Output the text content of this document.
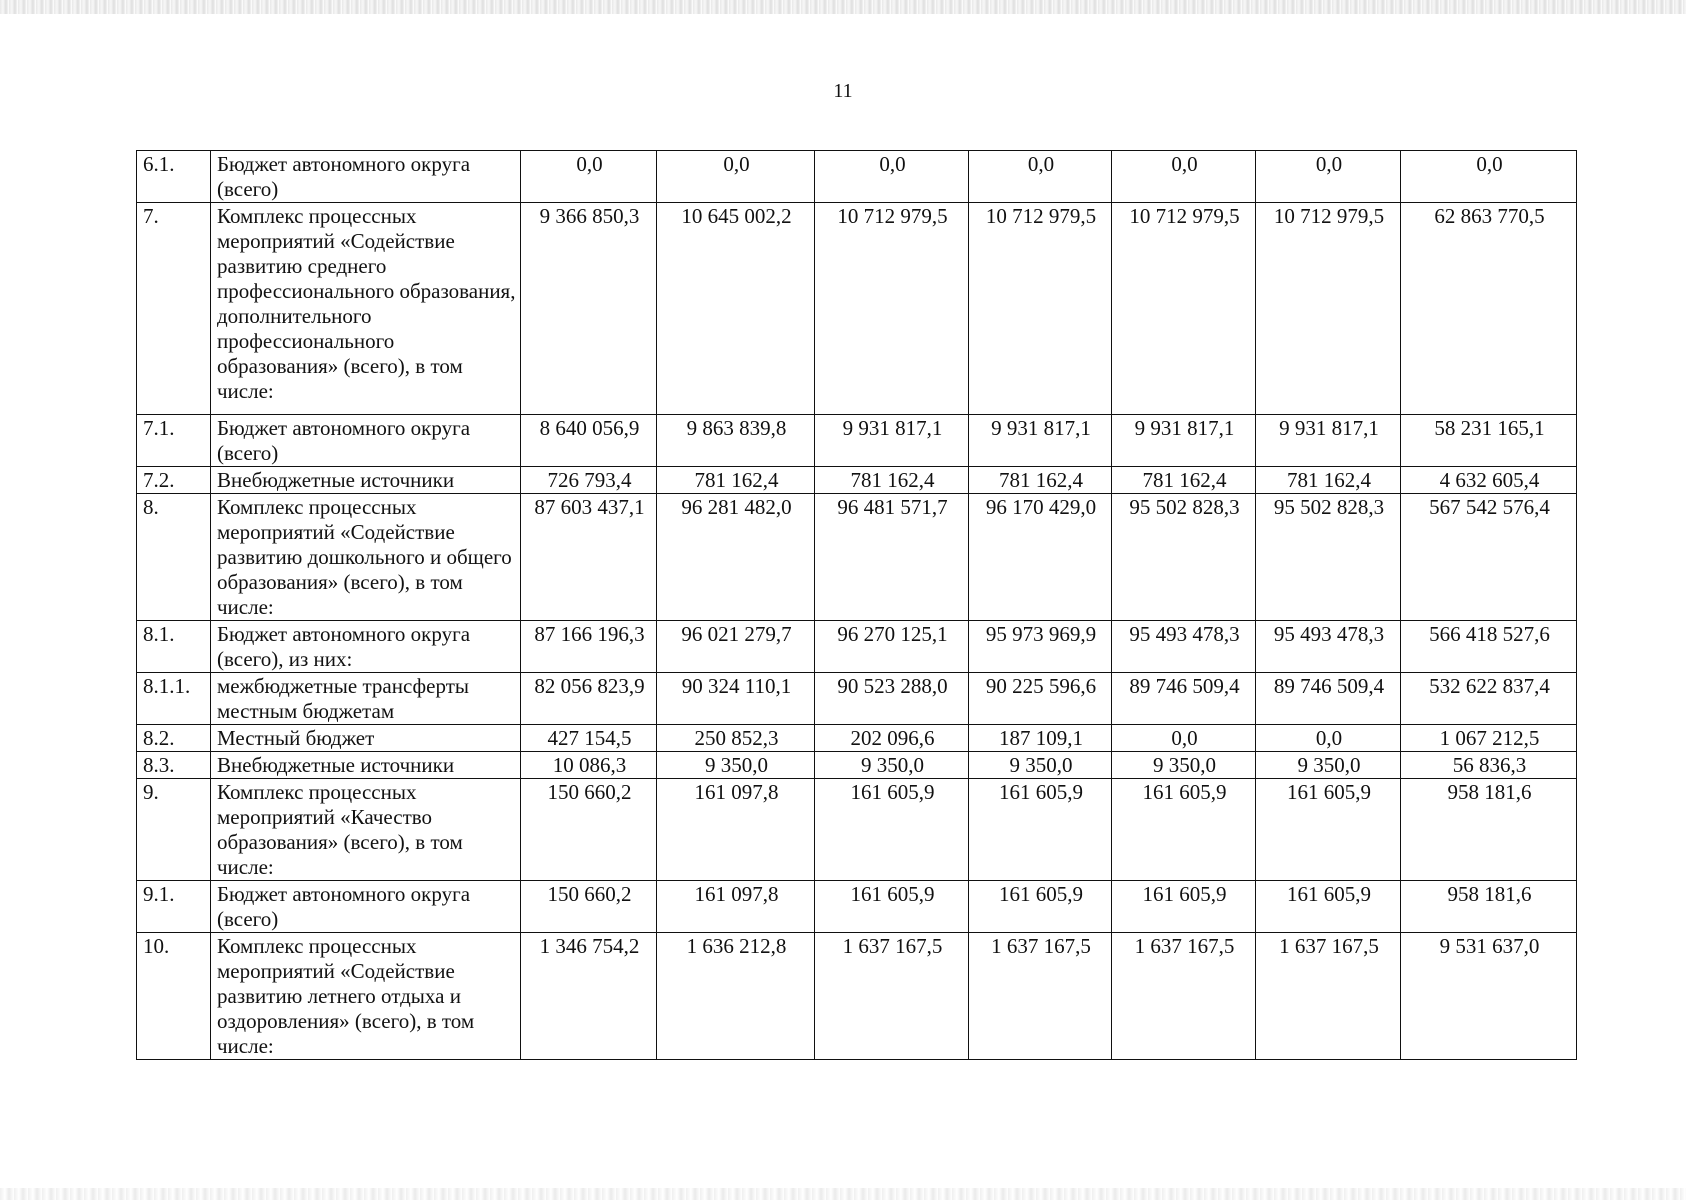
11
6.1.	Бюджет автономного округа (всего)	0,0	0,0	0,0	0,0	0,0	0,0	0,0
7.	Комплекс процессных мероприятий «Содействие развитию среднего профессионального образования, дополнительного профессионального образования» (всего), в том числе:	9 366 850,3	10 645 002,2	10 712 979,5	10 712 979,5	10 712 979,5	10 712 979,5	62 863 770,5
7.1.	Бюджет автономного округа (всего)	8 640 056,9	9 863 839,8	9 931 817,1	9 931 817,1	9 931 817,1	9 931 817,1	58 231 165,1
7.2.	Внебюджетные источники	726 793,4	781 162,4	781 162,4	781 162,4	781 162,4	781 162,4	4 632 605,4
8.	Комплекс процессных мероприятий «Содействие развитию дошкольного и общего образования» (всего), в том числе:	87 603 437,1	96 281 482,0	96 481 571,7	96 170 429,0	95 502 828,3	95 502 828,3	567 542 576,4
8.1.	Бюджет автономного округа (всего), из них:	87 166 196,3	96 021 279,7	96 270 125,1	95 973 969,9	95 493 478,3	95 493 478,3	566 418 527,6
8.1.1.	межбюджетные трансферты местным бюджетам	82 056 823,9	90 324 110,1	90 523 288,0	90 225 596,6	89 746 509,4	89 746 509,4	532 622 837,4
8.2.	Местный бюджет	427 154,5	250 852,3	202 096,6	187 109,1	0,0	0,0	1 067 212,5
8.3.	Внебюджетные источники	10 086,3	9 350,0	9 350,0	9 350,0	9 350,0	9 350,0	56 836,3
9.	Комплекс процессных мероприятий «Качество образования» (всего), в том числе:	150 660,2	161 097,8	161 605,9	161 605,9	161 605,9	161 605,9	958 181,6
9.1.	Бюджет автономного округа (всего)	150 660,2	161 097,8	161 605,9	161 605,9	161 605,9	161 605,9	958 181,6
10.	Комплекс процессных мероприятий «Содействие развитию летнего отдыха и оздоровления» (всего), в том числе:	1 346 754,2	1 636 212,8	1 637 167,5	1 637 167,5	1 637 167,5	1 637 167,5	9 531 637,0
